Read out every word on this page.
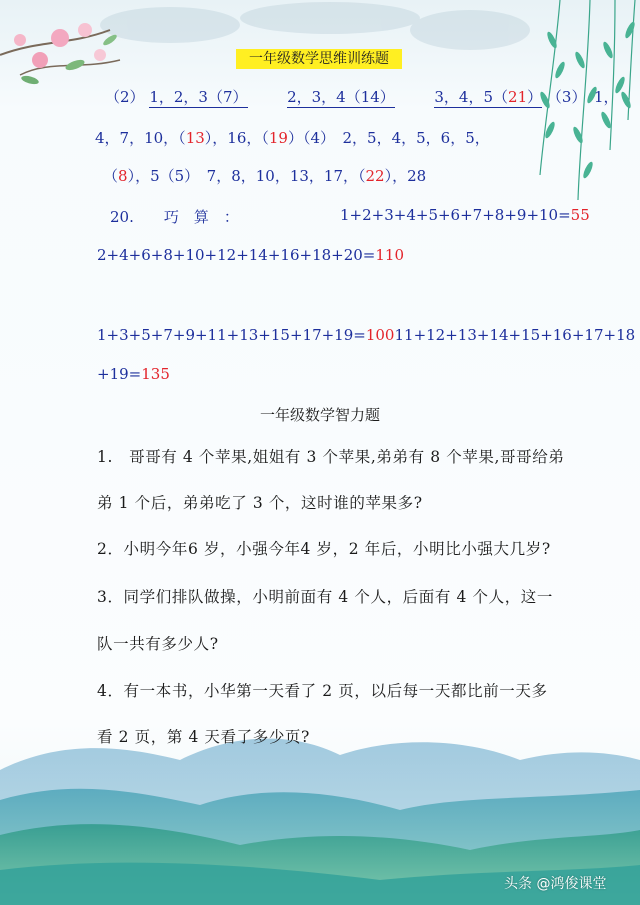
一年级数学思维训练题
（2） 1，2，3（7） 　　	2，3，4（14） 　　	3，4，5（21） （3）　1，
4，7，10，（13），16，（19）（4）　2，5，4，5，6，5，
（8），5（5）　7，8，10，13，17，（22），28
20.　　巧　算　：	1+2+3+4+5+6+7+8+9+10=55
2+4+6+8+10+12+14+16+18+20=110
1+3+5+7+9+11+13+15+17+19=10011+12+13+14+15+16+17+18
+19=135
一年级数学智力题
1.　哥哥有 4 个苹果,姐姐有 3 个苹果,弟弟有 8 个苹果,哥哥给弟
弟 1 个后，弟弟吃了 3 个，这时谁的苹果多?
2．小明今年6 岁，小强今年4 岁，2 年后，小明比小强大几岁?
3．同学们排队做操，小明前面有 4 个人，后面有 4 个人，这一
队一共有多少人?
4．有一本书，小华第一天看了 2 页，以后每一天都比前一天多
看 2 页，第 4 天看了多少页?
头条 @鸿俊课堂
